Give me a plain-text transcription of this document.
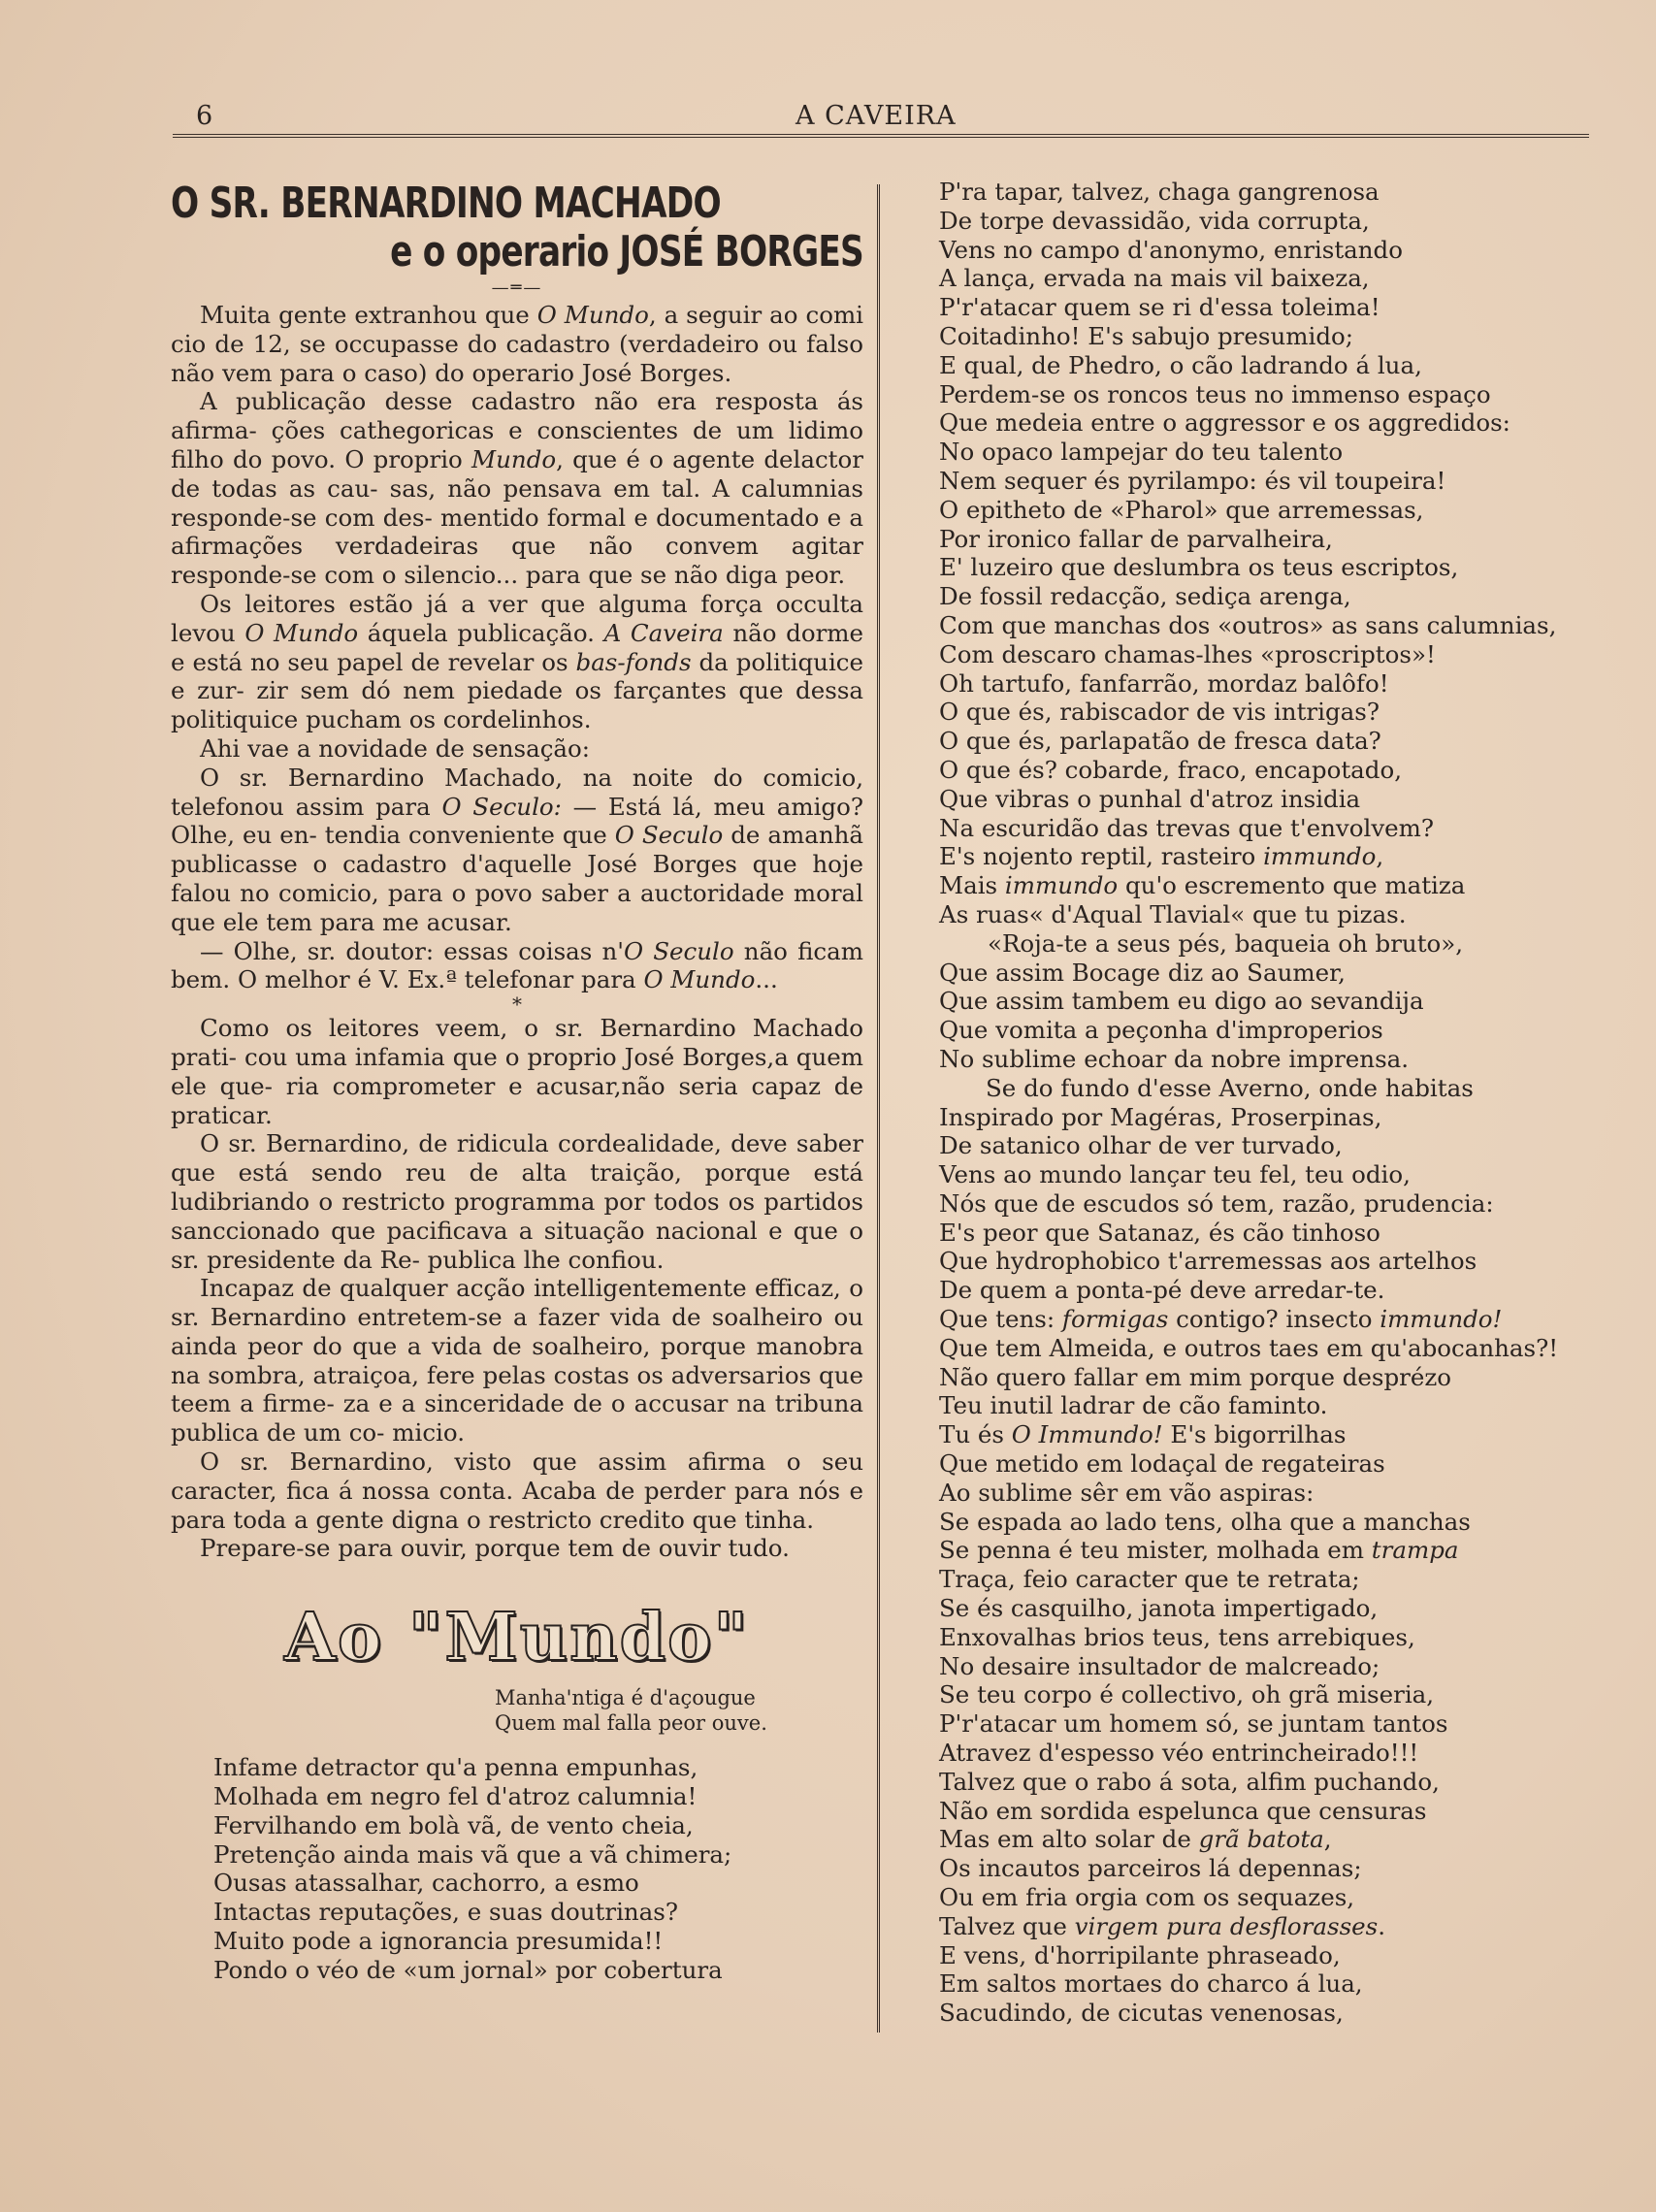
6	A CAVEIRA
O SR. BERNARDINO MACHADO
e o operario JOSÉ BORGES
—═—

Muita gente extranhou que O Mundo, a seguir ao comi cio de 12, se occupasse do cadastro (verdadeiro ou falso não vem para o caso) do operario José Borges.

A publicação desse cadastro não era resposta ás afirma- ções cathegoricas e conscientes de um lidimo filho do povo. O proprio Mundo, que é o agente delactor de todas as cau- sas, não pensava em tal. A calumnias responde-se com des- mentido formal e documentado e a afirmações verdadeiras que não convem agitar responde-se com o silencio... para que se não diga peor.

Os leitores estão já a ver que alguma força occulta levou O Mundo áquela publicação. A Caveira não dorme e está no seu papel de revelar os bas-fonds da politiquice e zur- zir sem dó nem piedade os farçantes que dessa politiquice pucham os cordelinhos.

Ahi vae a novidade de sensação:

O sr. Bernardino Machado, na noite do comicio, telefonou assim para O Seculo: — Está lá, meu amigo? Olhe, eu en- tendia conveniente que O Seculo de amanhã publicasse o cadastro d'aquelle José Borges que hoje falou no comicio, para o povo saber a auctoridade moral que ele tem para me acusar.

— Olhe, sr. doutor: essas coisas n'O Seculo não ficam bem. O melhor é V. Ex.ª telefonar para O Mundo...

*

Como os leitores veem, o sr. Bernardino Machado prati- cou uma infamia que o proprio José Borges,a quem ele que- ria comprometer e acusar,não seria capaz de praticar.

O sr. Bernardino, de ridicula cordealidade, deve saber que está sendo reu de alta traição, porque está ludibriando o restricto programma por todos os partidos sanccionado que pacificava a situação nacional e que o sr. presidente da Re- publica lhe confiou.

Incapaz de qualquer acção intelligentemente efficaz, o sr. Bernardino entretem-se a fazer vida de soalheiro ou ainda peor do que a vida de soalheiro, porque manobra na sombra, atraiçoa, fere pelas costas os adversarios que teem a firme- za e a sinceridade de o accusar na tribuna publica de um co- micio.

O sr. Bernardino, visto que assim afirma o seu caracter, fica á nossa conta. Acaba de perder para nós e para toda a gente digna o restricto credito que tinha.

Prepare-se para ouvir, porque tem de ouvir tudo.

Ao "Mundo"
Manha'ntiga é d'açougue
Quem mal falla peor ouve.
Infame detractor qu'a penna empunhas,
Molhada em negro fel d'atroz calumnia!
Fervilhando em bolà vã, de vento cheia,
Pretenção ainda mais vã que a vã chimera;
Ousas atassalhar, cachorro, a esmo
Intactas reputações, e suas doutrinas?
Muito pode a ignorancia presumida!!
Pondo o véo de «um jornal» por cobertura
P'ra tapar, talvez, chaga gangrenosa
De torpe devassidão, vida corrupta,
Vens no campo d'anonymo, enristando
A lança, ervada na mais vil baixeza,
P'r'atacar quem se ri d'essa toleima!
Coitadinho! E's sabujo presumido;
E qual, de Phedro, o cão ladrando á lua,
Perdem-se os roncos teus no immenso espaço
Que medeia entre o aggressor e os aggredidos:
No opaco lampejar do teu talento
Nem sequer és pyrilampo: és vil toupeira!
O epitheto de «Pharol» que arremessas,
Por ironico fallar de parvalheira,
E' luzeiro que deslumbra os teus escriptos,
De fossil redacção, sediça arenga,
Com que manchas dos «outros» as sans calumnias,
Com descaro chamas-lhes «proscriptos»!
Oh tartufo, fanfarrão, mordaz balôfo!
O que és, rabiscador de vis intrigas?
O que és, parlapatão de fresca data?
O que és? cobarde, fraco, encapotado,
Que vibras o punhal d'atroz insidia
Na escuridão das trevas que t'envolvem?
E's nojento reptil, rasteiro immundo,
Mais immundo qu'o escremento que matiza
As ruas« d'Aqual Tlavial« que tu pizas.
«Roja-te a seus pés, baqueia oh bruto»,
Que assim Bocage diz ao Saumer,
Que assim tambem eu digo ao sevandija
Que vomita a peçonha d'improperios
No sublime echoar da nobre imprensa.
Se do fundo d'esse Averno, onde habitas
Inspirado por Magéras, Proserpinas,
De satanico olhar de ver turvado,
Vens ao mundo lançar teu fel, teu odio,
Nós que de escudos só tem, razão, prudencia:
E's peor que Satanaz, és cão tinhoso
Que hydrophobico t'arremessas aos artelhos
De quem a ponta-pé deve arredar-te.
Que tens: formigas contigo? insecto immundo!
Que tem Almeida, e outros taes em qu'abocanhas?!
Não quero fallar em mim porque desprézo
Teu inutil ladrar de cão faminto.
Tu és O Immundo! E's bigorrilhas
Que metido em lodaçal de regateiras
Ao sublime sêr em vão aspiras:
Se espada ao lado tens, olha que a manchas
Se penna é teu mister, molhada em trampa
Traça, feio caracter que te retrata;
Se és casquilho, janota impertigado,
Enxovalhas brios teus, tens arrebiques,
No desaire insultador de malcreado;
Se teu corpo é collectivo, oh grã miseria,
P'r'atacar um homem só, se juntam tantos
Atravez d'espesso véo entrincheirado!!!
Talvez que o rabo á sota, alfim puchando,
Não em sordida espelunca que censuras
Mas em alto solar de grã batota,
Os incautos parceiros lá depennas;
Ou em fria orgia com os sequazes,
Talvez que virgem pura desflorasses.
E vens, d'horripilante phraseado,
Em saltos mortaes do charco á lua,
Sacudindo, de cicutas venenosas,
